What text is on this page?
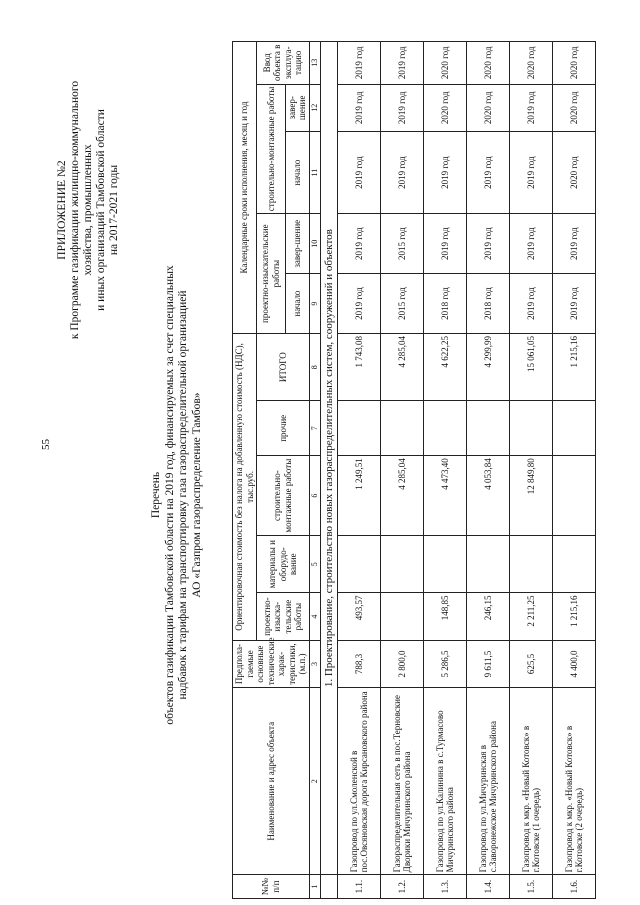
55
ПРИЛОЖЕНИЕ №2 к Программе газификации жилищно-коммунального хозяйства, промышленных и иных организаций Тамбовской области на 2017-2021 годы
Перечень объектов газификации Тамбовской области на 2019 год, финансируемых за счет специальных надбавок к тарифам на транспортировку газа газораспределительной организацией АО «Газпром газораспределение Тамбов»
№№ п/п	Наименование и адрес объекта	Предпола-гаемые основные технические харак-теристики, (м.п.)	Ориентировочная стоимость без налога на добавленную стоимость (НДС), тыс.руб.					Календарные сроки исполнения, месяц и год				
			проектно-изыска-тельские работы	материалы и оборудо-вание	строительно-монтажные работы	прочие	ИТОГО	проектно-изыскательские работы		строительно-монтажные работы		Ввод объекта в эксплуа-тацию
								начало	завер-шение	начало	завер-шение	
1	2	3	4	5	6	7	8	9	10	11	12	13
	1. Проектирование, строительство новых газораспределительных систем, сооружений и объектов											
1.1.	Газопровод по ул.Смоленской в пос.Овсяновская дорога Кирсановского района	788,3	493,57		1 249,51		1 743,08	2019 год	2019 год	2019 год	2019 год	2019 год
1.2.	Газораспределительная сеть в пос.Терновские Дворики Мичуринского района	2 800,0			4 285,04		4 285,04	2015 год	2015 год	2019 год	2019 год	2019 год
1.3.	Газопровод по ул.Калинина в с.Турмасово Мичуринского района	5 286,5	148,85		4 473,40		4 622,25	2018 год	2019 год	2019 год	2020 год	2020 год
1.4.	Газопровод по ул.Мичуринская в с.Заворонежское Мичуринского района	9 611,5	246,15		4 053,84		4 299,99	2018 год	2019 год	2019 год	2020 год	2020 год
1.5.	Газопровод к мкр. «Новый Котовск» в г.Котовске (1 очередь)	625,5	2 211,25		12 849,80		15 061,05	2019 год	2019 год	2019 год	2019 год	2020 год
1.6.	Газопровод к мкр. «Новый Котовск» в г.Котовске (2 очередь)	4 400,0	1 215,16				1 215,16	2019 год	2019 год	2020 год	2020 год	2020 год
